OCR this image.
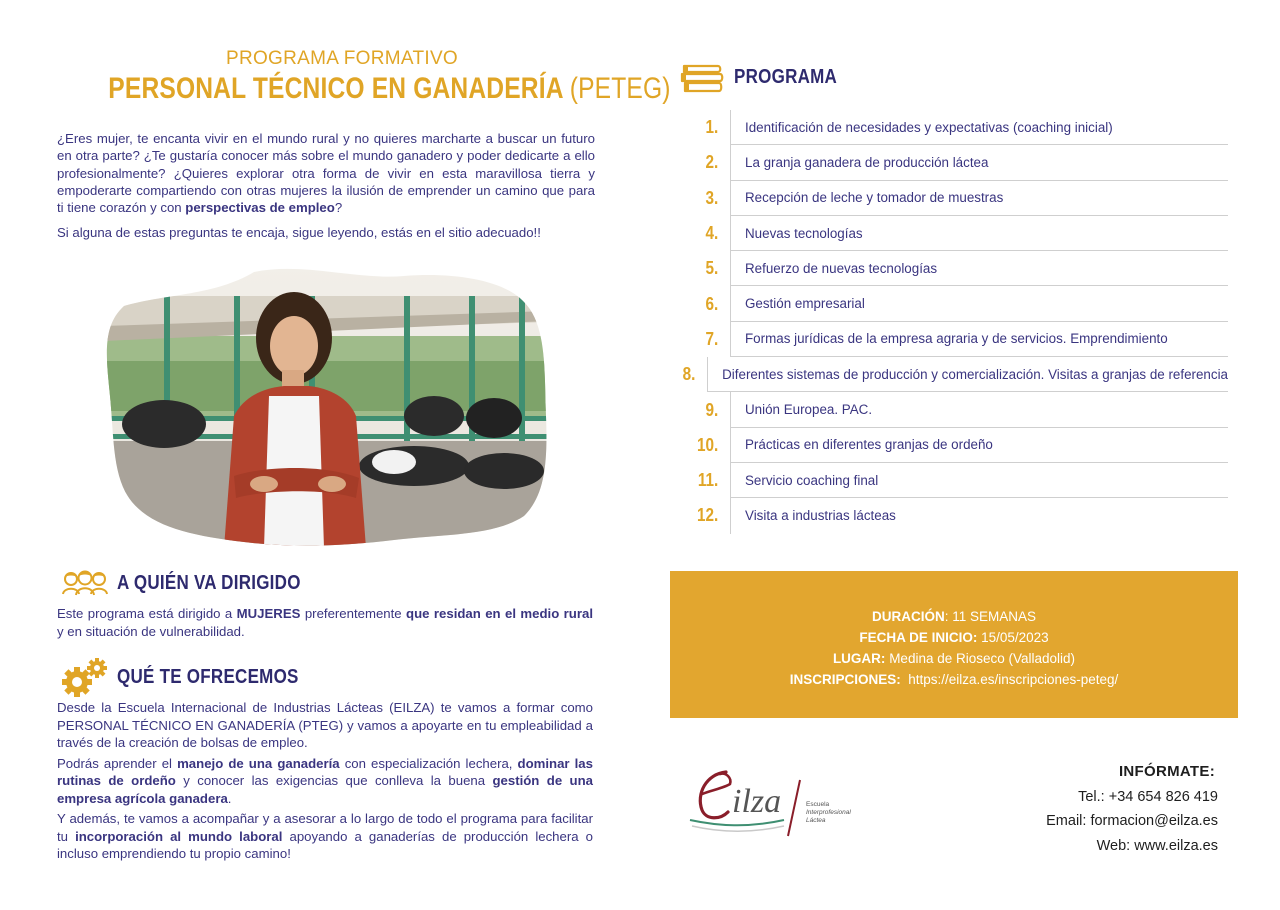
PROGRAMA FORMATIVO
PERSONAL TÉCNICO EN GANADERÍA (PETEG)

¿Eres mujer, te encanta vivir en el mundo rural y no quieres marcharte a buscar un futuro en otra parte? ¿Te gustaría conocer más sobre el mundo ganadero y poder dedicarte a ello profesionalmente? ¿Quieres explorar otra forma de vivir en esta maravillosa tierra y empoderarte compartiendo con otras mujeres la ilusión de emprender un camino que para ti tiene corazón y con perspectivas de empleo?

Si alguna de estas preguntas te encaja, sigue leyendo, estás en el sitio adecuado!!

A QUIÉN VA DIRIGIDO

Este programa está dirigido a MUJERES preferentemente que residan en el medio rural y en situación de vulnerabilidad.

QUÉ TE OFRECEMOS

Desde la Escuela Internacional de Industrias Lácteas (EILZA) te vamos a formar como PERSONAL TÉCNICO EN GANADERÍA (PTEG) y vamos a apoyarte en tu empleabilidad a través de la creación de bolsas de empleo.

Podrás aprender el manejo de una ganadería con especialización lechera, dominar las rutinas de ordeño y conocer las exigencias que conlleva la buena gestión de una empresa agrícola ganadera.

Y además, te vamos a acompañar y a asesorar a lo largo de todo el programa para facilitar tu incorporación al mundo laboral apoyando a ganaderías de producción lechera o incluso emprendiendo tu propio camino!

PROGRAMA
1.	Identificación de necesidades y expectativas (coaching inicial)
2.	La granja ganadera de producción láctea
3.	Recepción de leche y tomador de muestras
4.	Nuevas tecnologías
5.	Refuerzo de nuevas tecnologías
6.	Gestión empresarial
7.	Formas jurídicas de la empresa agraria y de servicios. Emprendimiento
8.	Diferentes sistemas de producción y comercialización. Visitas a granjas de referencia
9.	Unión Europea. PAC.
10.	Prácticas en diferentes granjas de ordeño
11.	Servicio coaching final
12.	Visita a industrias lácteas
DURACIÓN: 11 SEMANAS
FECHA DE INICIO: 15/05/2023
LUGAR: Medina de Rioseco (Valladolid)
INSCRIPCIONES:  https://eilza.es/inscripciones-peteg/
ilza	Escuela
Interprofesional
Láctea
INFÓRMATE:
Tel.: +34 654 826 419
Email: formacion@eilza.es
Web: www.eilza.es
